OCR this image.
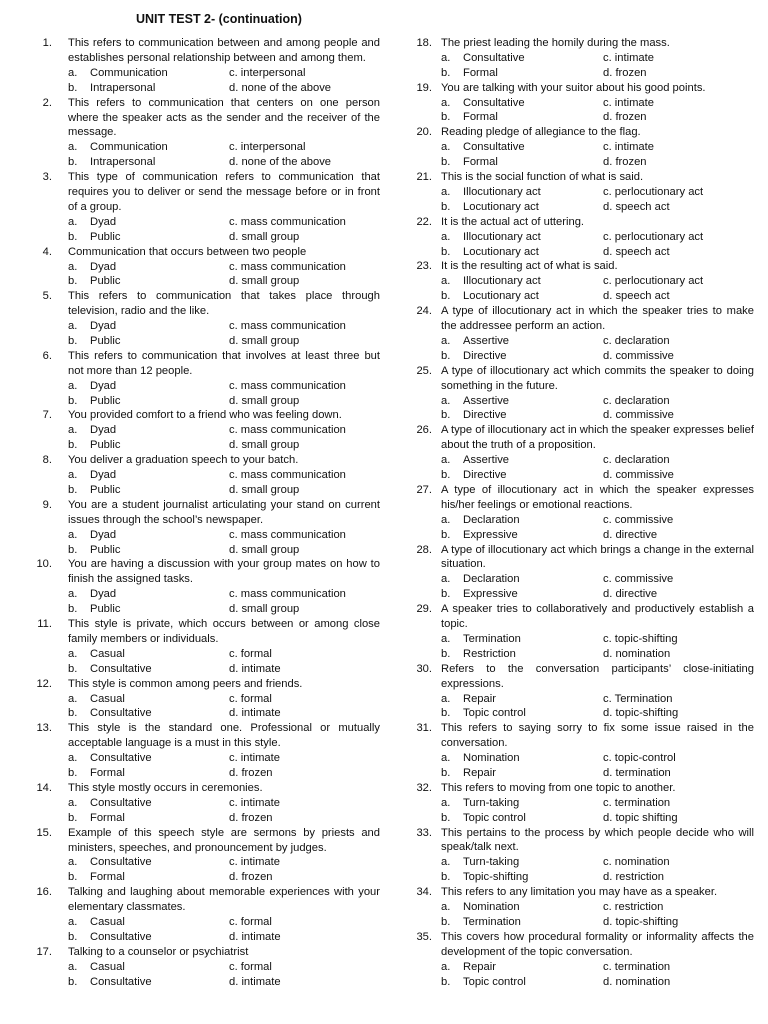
UNIT TEST 2- (continuation)
1. This refers to communication between and among people and establishes personal relationship between and among them.
a.	Communication	c. interpersonal
b.	Intrapersonal	d. none of the above
2. This refers to communication that centers on one person where the speaker acts as the sender and the receiver of the message.
a.	Communication	c. interpersonal
b.	Intrapersonal	d. none of the above
3. This type of communication refers to communication that requires you to deliver or send the message before or in front of a group.
a.	Dyad	c. mass communication
b.	Public	d. small group
4. Communication that occurs between two people
a.	Dyad	c. mass communication
b.	Public	d. small group
5. This refers to communication that takes place through television, radio and the like.
a.	Dyad	c. mass communication
b.	Public	d. small group
6. This refers to communication that involves at least three but not more than 12 people.
a.	Dyad	c. mass communication
b.	Public	d. small group
7. You provided comfort to a friend who was feeling down.
a.	Dyad	c. mass communication
b.	Public	d. small group
8. You deliver a graduation speech to your batch.
a.	Dyad	c. mass communication
b.	Public	d. small group
9. You are a student journalist articulating your stand on current issues through the school’s newspaper.
a.	Dyad	c. mass communication
b.	Public	d. small group
10. You are having a discussion with your group mates on how to finish the assigned tasks.
a.	Dyad	c. mass communication
b.	Public	d. small group
11. This style is private, which occurs between or among close family members or individuals.
a.	Casual	c. formal
b.	Consultative	d. intimate
12. This style is common among peers and friends.
a.	Casual	c. formal
b.	Consultative	d. intimate
13. This style is the standard one. Professional or mutually acceptable language is a must in this style.
a.	Consultative	c. intimate
b.	Formal	d. frozen
14. This style mostly occurs in ceremonies.
a.	Consultative	c. intimate
b.	Formal	d. frozen
15. Example of this speech style are sermons by priests and ministers, speeches, and pronouncement by judges.
a.	Consultative	c. intimate
b.	Formal	d. frozen
16. Talking and laughing about memorable experiences with your elementary classmates.
a.	Casual	c. formal
b.	Consultative	d. intimate
17. Talking to a counselor or psychiatrist
a.	Casual	c. formal
b.	Consultative	d. intimate
18. The priest leading the homily during the mass.
a.	Consultative	c. intimate
b.	Formal	d. frozen
19. You are talking with your suitor about his good points.
a.	Consultative	c. intimate
b.	Formal	d. frozen
20. Reading pledge of allegiance to the flag.
a.	Consultative	c. intimate
b.	Formal	d. frozen
21. This is the social function of what is said.
a.	Illocutionary act	c. perlocutionary act
b.	Locutionary act	d. speech act
22. It is the actual act of uttering.
a.	Illocutionary act	c. perlocutionary act
b.	Locutionary act	d. speech act
23. It is the resulting act of what is said.
a.	Illocutionary act	c. perlocutionary act
b.	Locutionary act	d. speech act
24. A type of illocutionary act in which the speaker tries to make the addressee perform an action.
a.	Assertive	c. declaration
b.	Directive	d. commissive
25. A type of illocutionary act which commits the speaker to doing something in the future.
a.	Assertive	c. declaration
b.	Directive	d. commissive
26. A type of illocutionary act in which the speaker expresses belief about the truth of a proposition.
a.	Assertive	c. declaration
b.	Directive	d. commissive
27. A type of illocutionary act in which the speaker expresses his/her feelings or emotional reactions.
a.	Declaration	c. commissive
b.	Expressive	d. directive
28. A type of illocutionary act which brings a change in the external situation.
a.	Declaration	c. commissive
b.	Expressive	d. directive
29. A speaker tries to collaboratively and productively establish a topic.
a.	Termination	c. topic-shifting
b.	Restriction	d. nomination
30. Refers to the conversation participants’ close-initiating expressions.
a.	Repair	c. Termination
b.	Topic control	d. topic-shifting
31. This refers to saying sorry to fix some issue raised in the conversation.
a.	Nomination	c. topic-control
b.	Repair	d. termination
32. This refers to moving from one topic to another.
a.	Turn-taking	c. termination
b.	Topic control	d. topic shifting
33. This pertains to the process by which people decide who will speak/talk next.
a.	Turn-taking	c. nomination
b.	Topic-shifting	d. restriction
34. This refers to any limitation you may have as a speaker.
a.	Nomination	c. restriction
b.	Termination	d. topic-shifting
35. This covers how procedural formality or informality affects the development of the topic conversation.
a.	Repair	c. termination
b.	Topic control	d. nomination
